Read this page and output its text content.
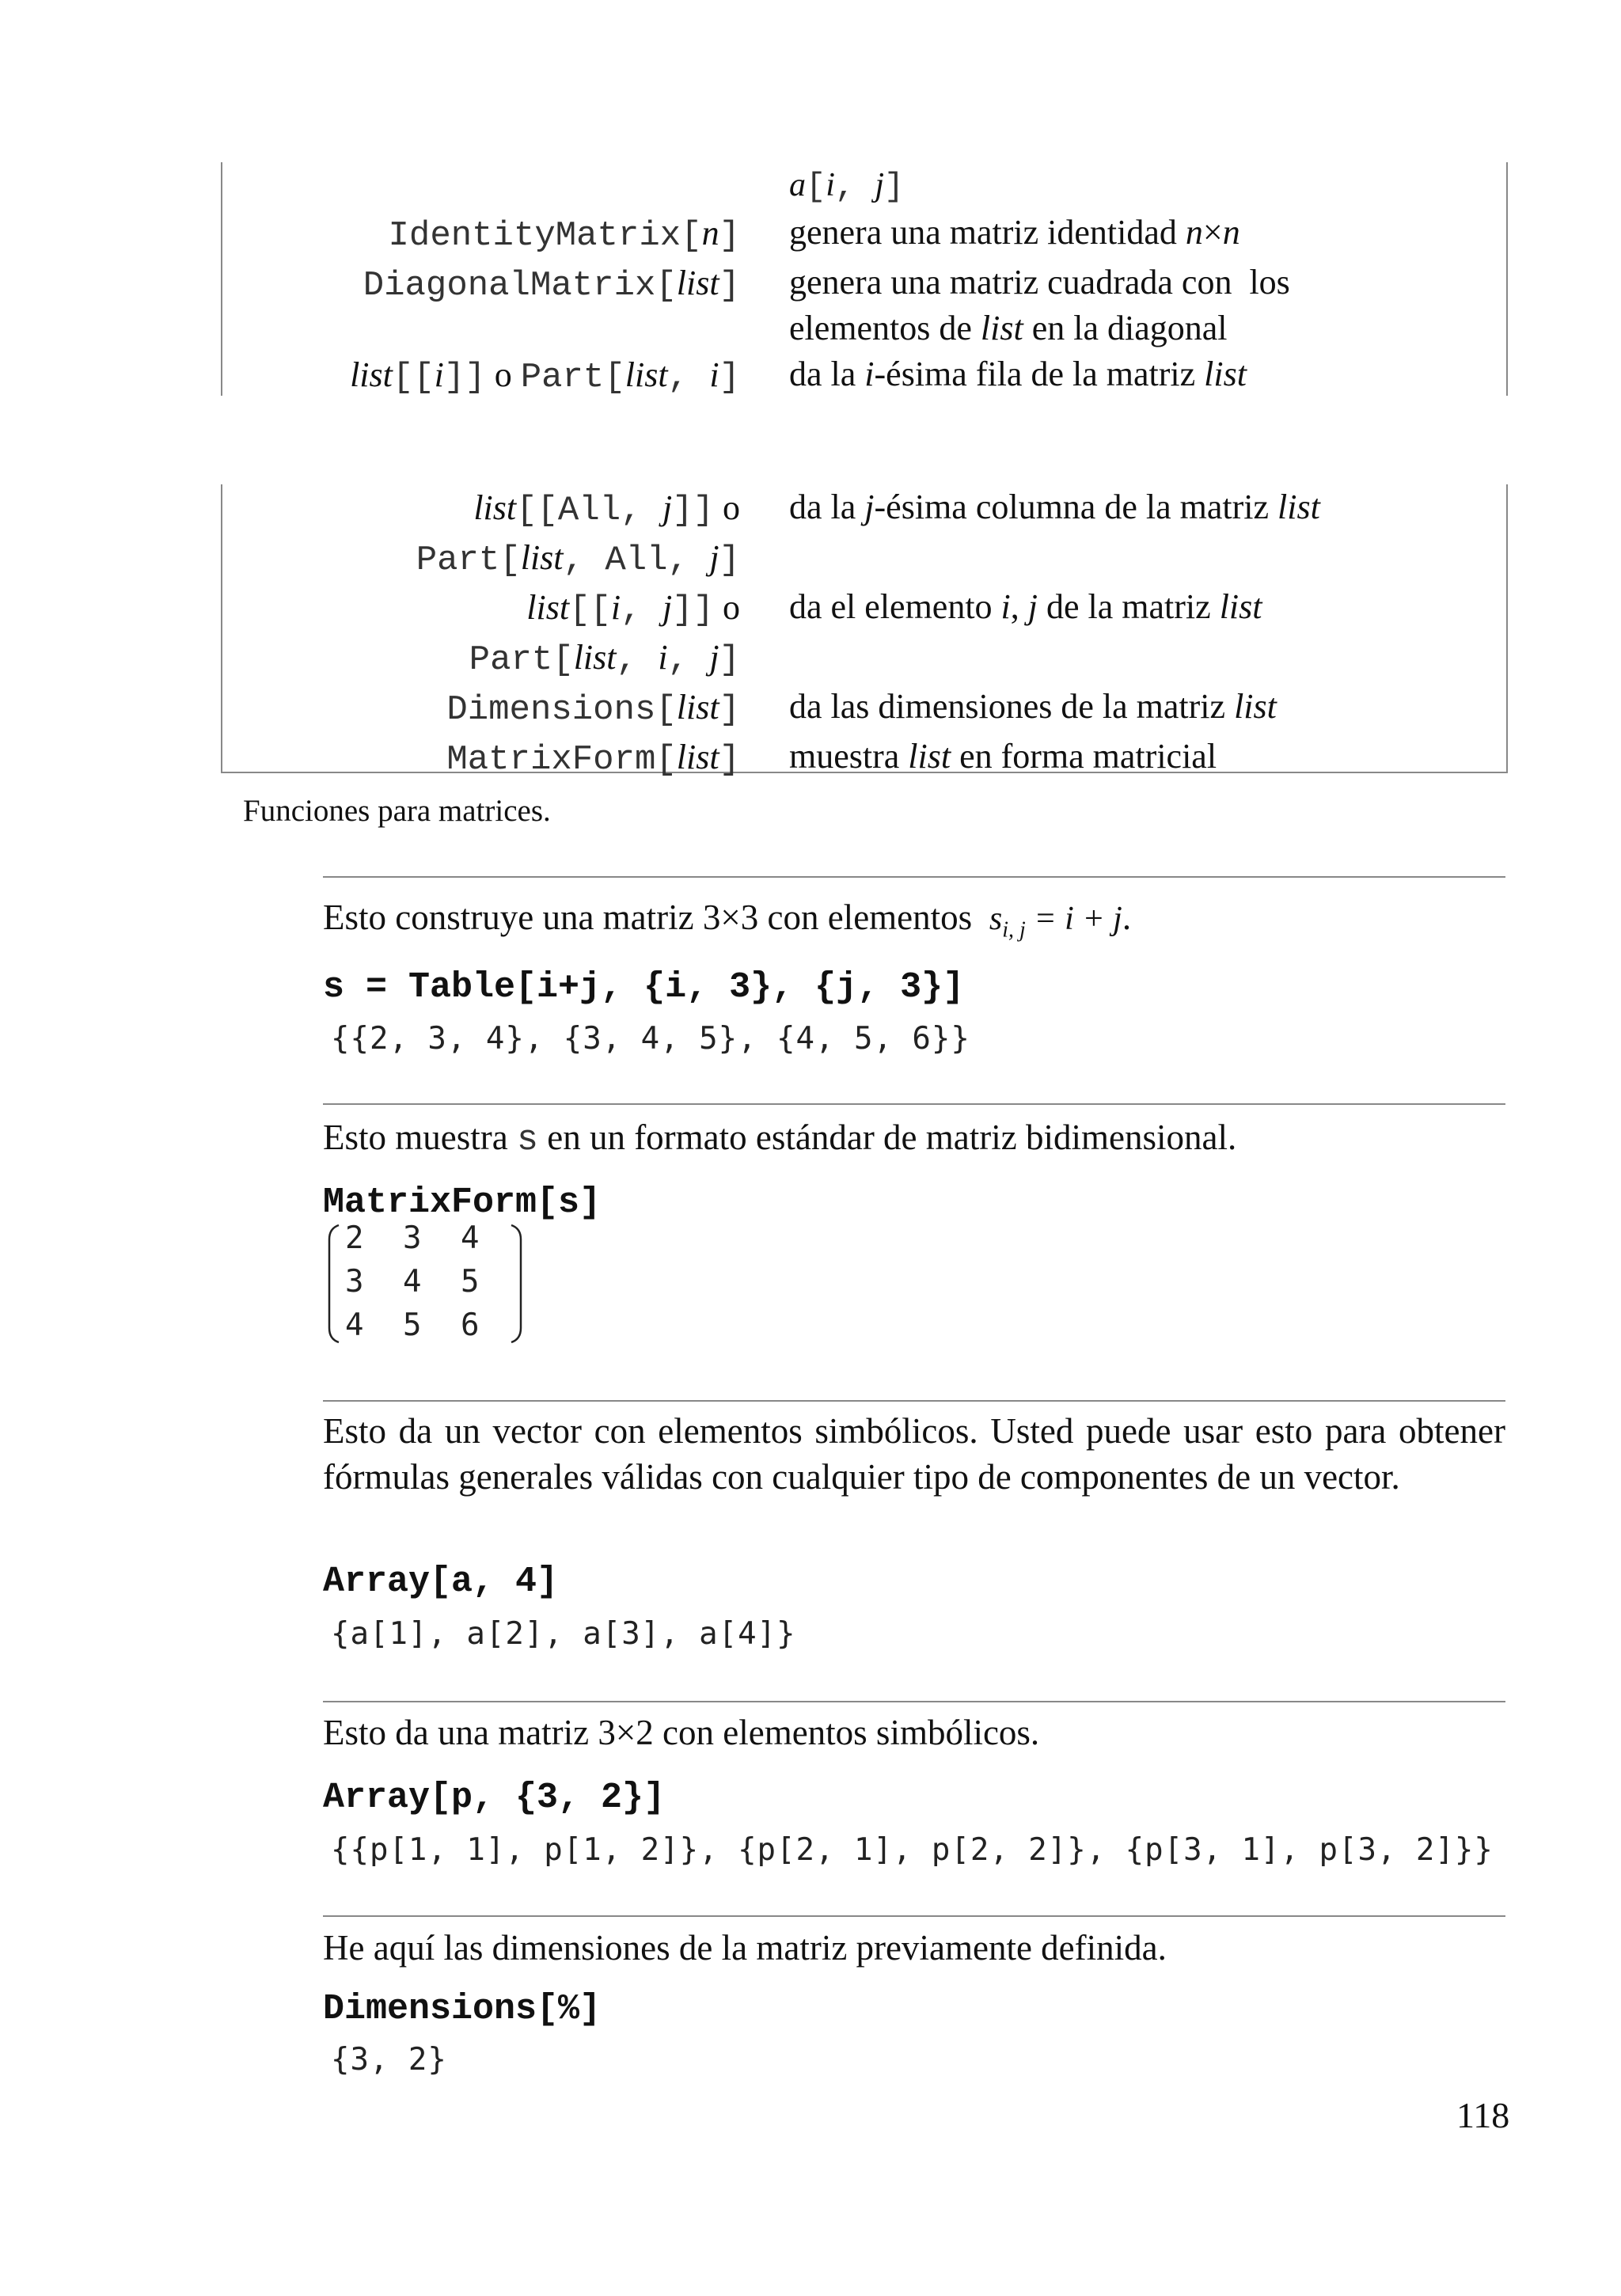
a[i, j]
IdentityMatrix[n] genera una matriz identidad n×n
DiagonalMatrix[list] genera una matriz cuadrada con  los elementos de list en la diagonal
list[[i]] o Part[list, i] da la i-ésima fila de la matriz list
list[[All, j]] o
Part[list, All, j]
da la j-ésima columna de la matriz list
list[[i, j]] o
Part[list, i, j]
da el elemento i, j de la matriz list
Dimensions[list] da las dimensiones de la matriz list
MatrixForm[list] muestra list en forma matricial
Funciones para matrices.
Esto construye una matriz 3×3 con elementos  $s_{i, j} = i + j$.
s = Table[i+j, {i, 3}, {j, 3}]
{{2, 3, 4}, {3, 4, 5}, {4, 5, 6}}
Esto muestra s en un formato estándar de matriz bidimensional.
MatrixForm[s]
2 3 4
3 4 5
4 5 6
Esto da un vector con elementos simbólicos. Usted puede usar esto para obtener fórmulas generales válidas con cualquier tipo de componentes de un vector.
Array[a, 4]
{a[1], a[2], a[3], a[4]}
Esto da una matriz 3×2 con elementos simbólicos.
Array[p, {3, 2}]
{{p[1, 1], p[1, 2]}, {p[2, 1], p[2, 2]}, {p[3, 1], p[3, 2]}}
He aquí las dimensiones de la matriz previamente definida.
Dimensions[%]
{3, 2}
118
